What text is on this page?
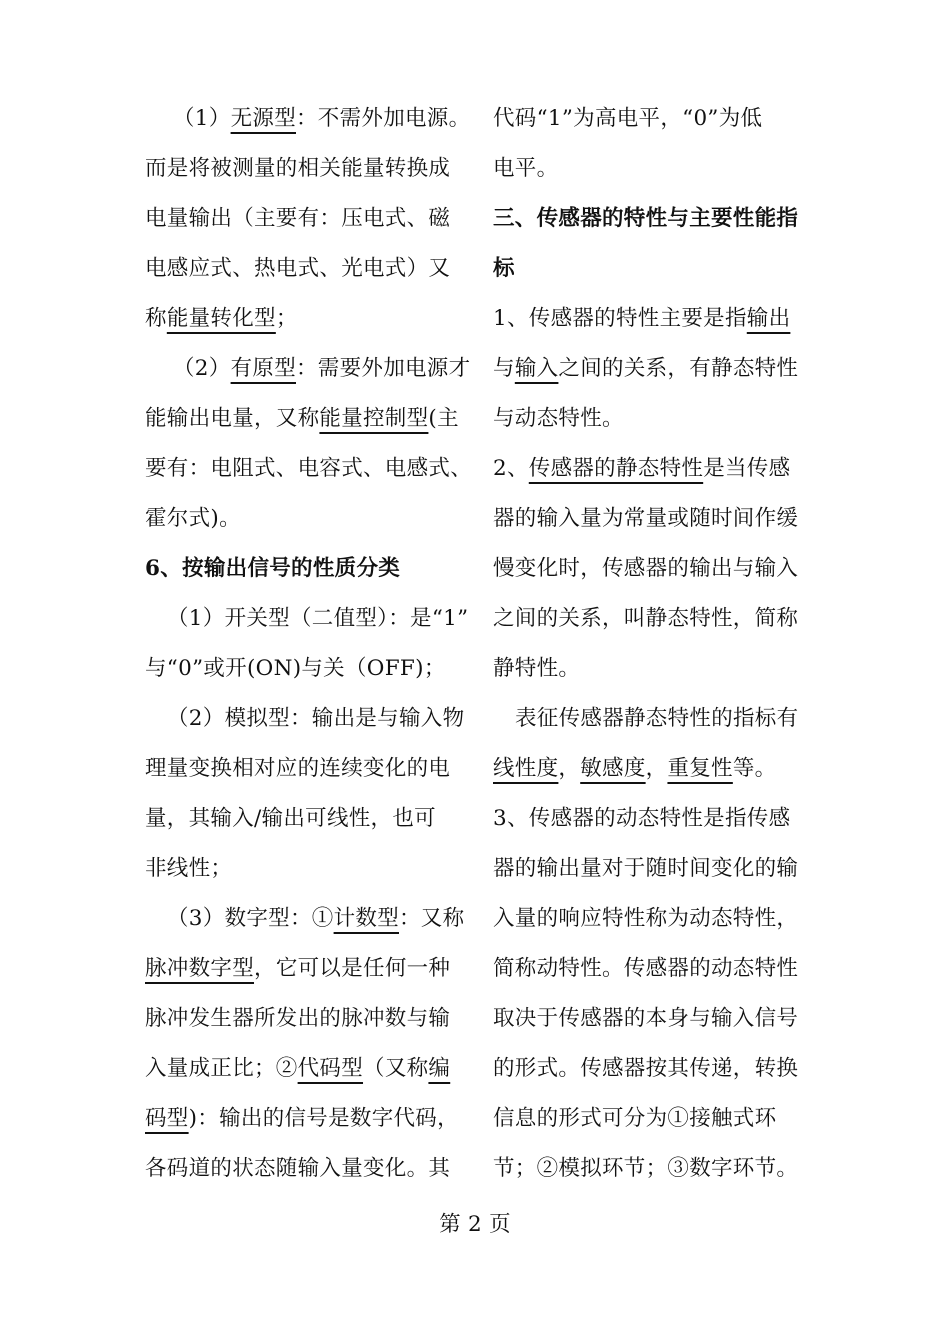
（1）无源型：不需外加电源。
而是将被测量的相关能量转换成
电量输出（主要有：压电式、磁
电感应式、热电式、光电式）又
称能量转化型；
（2）有原型：需要外加电源才
能输出电量，又称能量控制型(主
要有：电阻式、电容式、电感式、
霍尔式)。
6、按输出信号的性质分类
（1）开关型（二值型）：是“1”
与“0”或开(ON)与关（OFF)；
（2）模拟型：输出是与输入物
理量变换相对应的连续变化的电
量，其输入/输出可线性，也可
非线性；
（3）数字型：①计数型：又称
脉冲数字型，它可以是任何一种
脉冲发生器所发出的脉冲数与输
入量成正比；②代码型（又称编
码型)：输出的信号是数字代码，
各码道的状态随输入量变化。其
代码“1”为高电平，“0”为低
电平。
三、传感器的特性与主要性能指
标
1、传感器的特性主要是指输出
与输入之间的关系，有静态特性
与动态特性。
2、传感器的静态特性是当传感
器的输入量为常量或随时间作缓
慢变化时，传感器的输出与输入
之间的关系，叫静态特性，简称
静特性。
表征传感器静态特性的指标有
线性度，敏感度，重复性等。
3、传感器的动态特性是指传感
器的输出量对于随时间变化的输
入量的响应特性称为动态特性，
简称动特性。传感器的动态特性
取决于传感器的本身与输入信号
的形式。传感器按其传递，转换
信息的形式可分为①接触式环
节；②模拟环节；③数字环节。
第 2 页
